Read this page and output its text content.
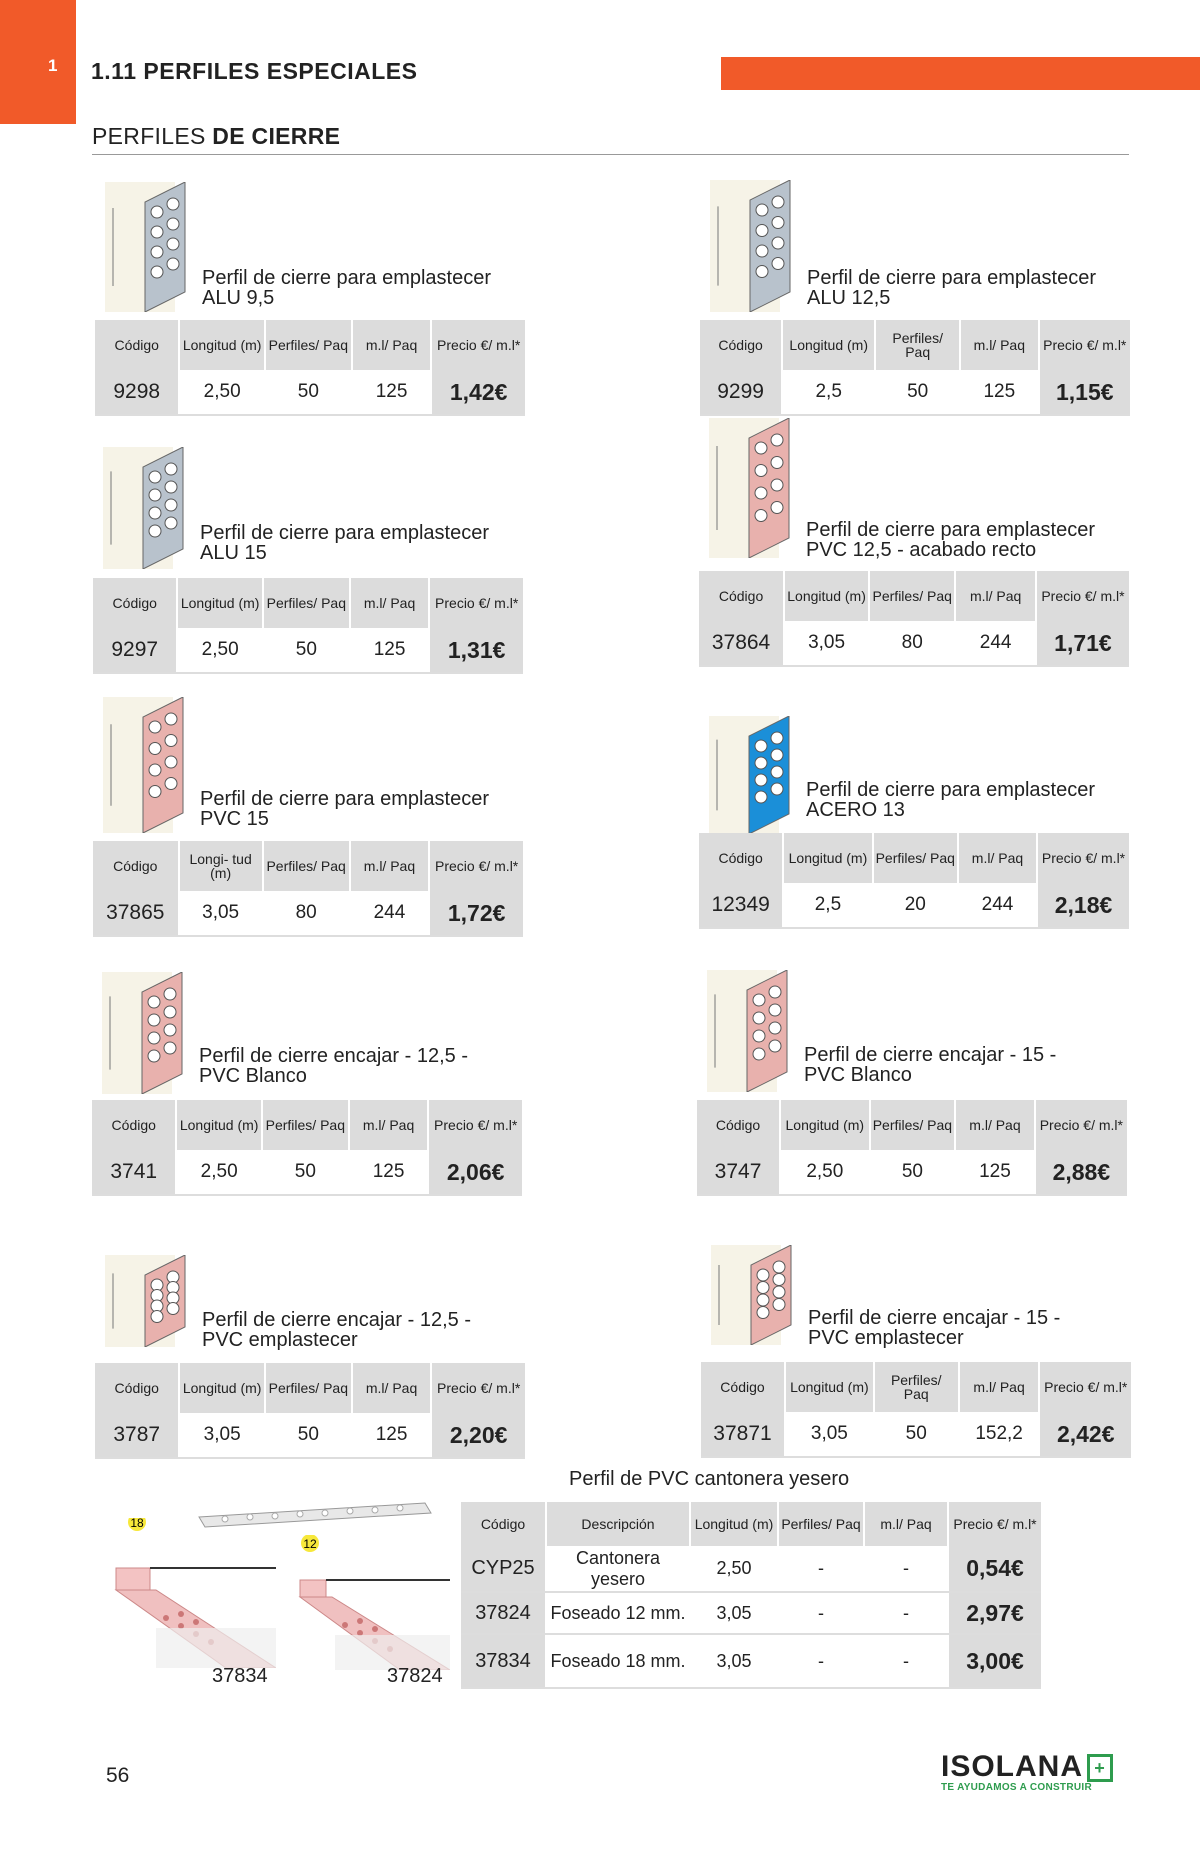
1 1.11 PERFILES ESPECIALES
PERFILES DE CIERRE
Perfil de cierre para emplastecer
ALU 9,5
Código	Longitud (m)	Perfiles/ Paq	m.l/ Paq	Precio €/ m.l*
9298	2,50	50	125	1,42€
Perfil de cierre para emplastecer
ALU 12,5
Código	Longitud (m)	Perfiles/ Paq	m.l/ Paq	Precio €/ m.l*
9299	2,5	50	125	1,15€
Perfil de cierre para emplastecer
ALU 15
Código	Longitud (m)	Perfiles/ Paq	m.l/ Paq	Precio €/ m.l*
9297	2,50	50	125	1,31€
Perfil de cierre para emplastecer
PVC 12,5 - acabado recto
Código	Longitud (m)	Perfiles/ Paq	m.l/ Paq	Precio €/ m.l*
37864	3,05	80	244	1,71€
Perfil de cierre para emplastecer
PVC 15
Código	Longi- tud (m)	Perfiles/ Paq	m.l/ Paq	Precio €/ m.l*
37865	3,05	80	244	1,72€
Perfil de cierre para emplastecer
ACERO 13
Código	Longitud (m)	Perfiles/ Paq	m.l/ Paq	Precio €/ m.l*
12349	2,5	20	244	2,18€
Perfil de cierre encajar - 12,5 -
PVC Blanco
Código	Longitud (m)	Perfiles/ Paq	m.l/ Paq	Precio €/ m.l*
3741	2,50	50	125	2,06€
Perfil de cierre encajar - 15 -
PVC Blanco
Código	Longitud (m)	Perfiles/ Paq	m.l/ Paq	Precio €/ m.l*
3747	2,50	50	125	2,88€
Perfil de cierre encajar - 12,5 -
PVC emplastecer
Código	Longitud (m)	Perfiles/ Paq	m.l/ Paq	Precio €/ m.l*
3787	3,05	50	125	2,20€
Perfil de cierre encajar - 15 -
PVC emplastecer
Código	Longitud (m)	Perfiles/ Paq	m.l/ Paq	Precio €/ m.l*
37871	3,05	50	152,2	2,42€
Perfil de PVC cantonera yesero
18
12
37834	37824
Código	Descripción	Longitud (m)	Perfiles/ Paq	m.l/ Paq	Precio €/ m.l*
CYP25	Cantonera yesero	2,50	-	-	0,54€
37824	Foseado 12 mm.	3,05	-	-	2,97€
37834	Foseado 18 mm.	3,05	-	-	3,00€
56	ISOLANA +
TE AYUDAMOS A CONSTRUIR
